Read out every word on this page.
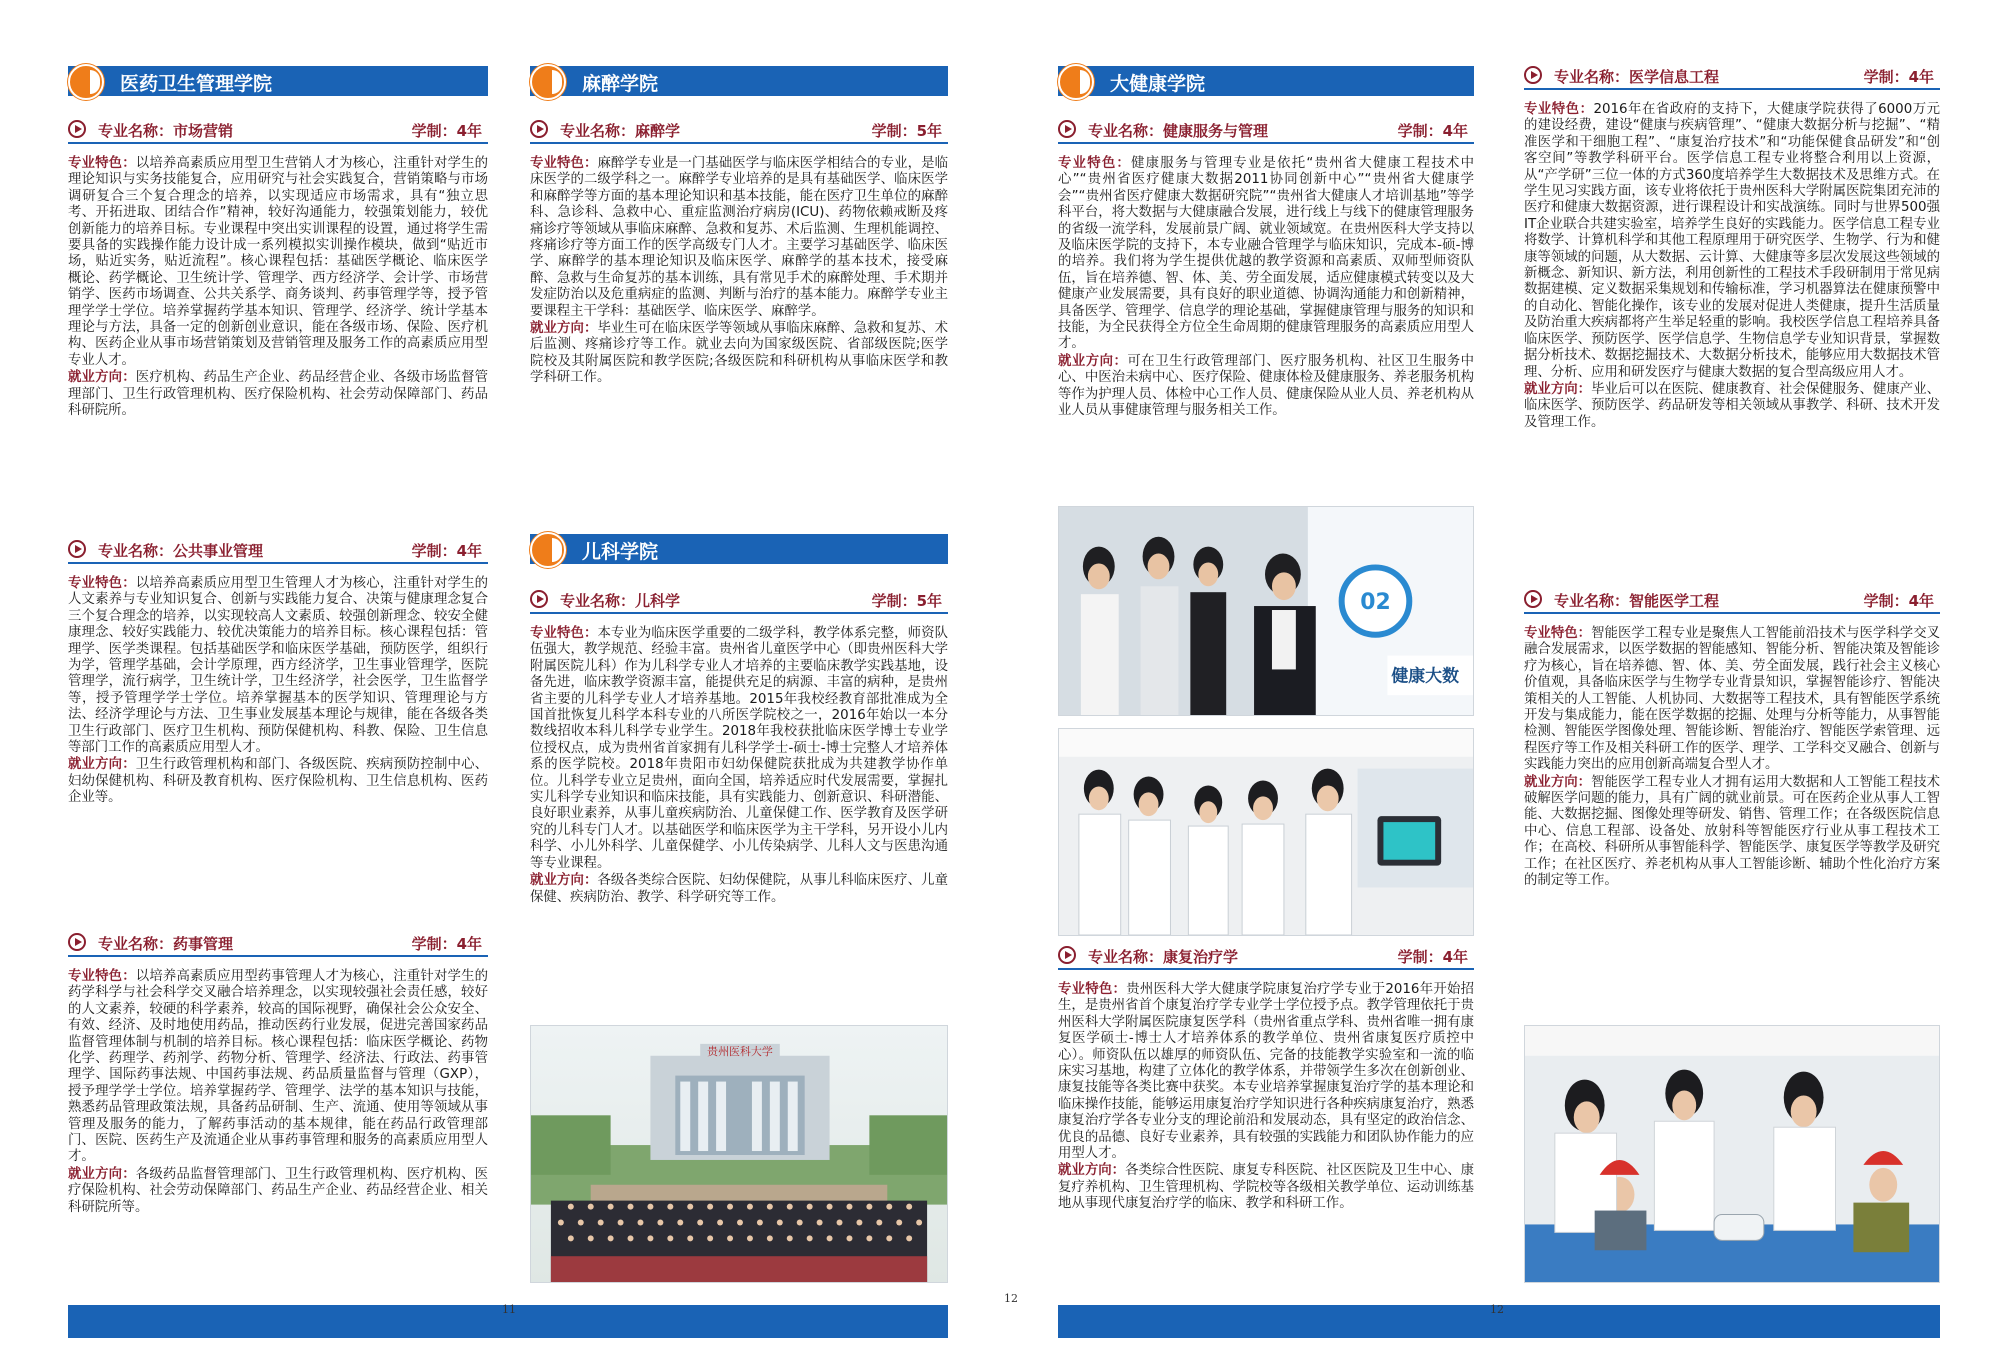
医药卫生管理学院
专业名称：市场营销	学制：4年

专业特色：以培养高素质应用型卫生营销人才为核心，注重针对学生的理论知识与实务技能复合，应用研究与社会实践复合，营销策略与市场调研复合三个复合理念的培养，以实现适应市场需求，具有“独立思考、开拓进取、团结合作”精神，较好沟通能力，较强策划能力，较优创新能力的培养目标。专业课程中突出实训课程的设置，通过将学生需要具备的实践操作能力设计成一系列模拟实训操作模块，做到“贴近市场，贴近实务，贴近流程”。核心课程包括：基础医学概论、临床医学概论、药学概论、卫生统计学、管理学、西方经济学、会计学、市场营销学、医药市场调查、公共关系学、商务谈判、药事管理学等，授予管理学学士学位。培养掌握药学基本知识、管理学、经济学、统计学基本理论与方法，具备一定的创新创业意识，能在各级市场、保险、医疗机构、医药企业从事市场营销策划及营销管理及服务工作的高素质应用型专业人才。

就业方向：医疗机构、药品生产企业、药品经营企业、各级市场监督管理部门、卫生行政管理机构、医疗保险机构、社会劳动保障部门、药品科研院所。

专业名称：公共事业管理	学制：4年

专业特色：以培养高素质应用型卫生管理人才为核心，注重针对学生的人文素养与专业知识复合、创新与实践能力复合、决策与健康理念复合三个复合理念的培养，以实现较高人文素质、较强创新理念、较安全健康理念、较好实践能力、较优决策能力的培养目标。核心课程包括：管理学、医学类课程。包括基础医学和临床医学基础，预防医学，组织行为学，管理学基础，会计学原理，西方经济学，卫生事业管理学，医院管理学，流行病学，卫生统计学，卫生经济学，社会医学，卫生监督学等，授予管理学学士学位。培养掌握基本的医学知识、管理理论与方法、经济学理论与方法、卫生事业发展基本理论与规律，能在各级各类卫生行政部门、医疗卫生机构、预防保健机构、科教、保险、卫生信息等部门工作的高素质应用型人才。

就业方向：卫生行政管理机构和部门、各级医院、疾病预防控制中心、妇幼保健机构、科研及教育机构、医疗保险机构、卫生信息机构、医药企业等。

专业名称：药事管理	学制：4年

专业特色：以培养高素质应用型药事管理人才为核心，注重针对学生的药学科学与社会科学交叉融合培养理念，以实现较强社会责任感，较好的人文素养，较硬的科学素养，较高的国际视野，确保社会公众安全、有效、经济、及时地使用药品，推动医药行业发展，促进完善国家药品监督管理体制与机制的培养目标。核心课程包括：临床医学概论、药物化学、药理学、药剂学、药物分析、管理学、经济法、行政法、药事管理学、国际药事法规、中国药事法规、药品质量监督与管理（GXP），授予理学学士学位。培养掌握药学、管理学、法学的基本知识与技能，熟悉药品管理政策法规，具备药品研制、生产、流通、使用等领域从事管理及服务的能力，了解药事活动的基本规律，能在药品行政管理部门、医院、医药生产及流通企业从事药事管理和服务的高素质应用型人才。

就业方向：各级药品监督管理部门、卫生行政管理机构、医疗机构、医疗保险机构、社会劳动保障部门、药品生产企业、药品经营企业、相关科研院所等。

麻醉学院
专业名称：麻醉学	学制：5年

专业特色：麻醉学专业是一门基础医学与临床医学相结合的专业，是临床医学的二级学科之一。麻醉学专业培养的是具有基础医学、临床医学和麻醉学等方面的基本理论知识和基本技能，能在医疗卫生单位的麻醉科、急诊科、急救中心、重症监测治疗病房(ICU)、药物依赖戒断及疼痛诊疗等领域从事临床麻醉、急救和复苏、术后监测、生理机能调控、疼痛诊疗等方面工作的医学高级专门人才。主要学习基础医学、临床医学、麻醉学的基本理论知识及临床医学、麻醉学的基本技术，接受麻醉、急救与生命复苏的基本训练，具有常见手术的麻醉处理、手术期并发症防治以及危重病症的监测、判断与治疗的基本能力。麻醉学专业主要课程主干学科：基础医学、临床医学、麻醉学。

就业方向：毕业生可在临床医学等领域从事临床麻醉、急救和复苏、术后监测、疼痛诊疗等工作。就业去向为国家级医院、省部级医院;医学院校及其附属医院和教学医院;各级医院和科研机构从事临床医学和教学科研工作。

儿科学院
专业名称：儿科学	学制：5年

专业特色：本专业为临床医学重要的二级学科，教学体系完整，师资队伍强大，教学规范、经验丰富。贵州省儿童医学中心（即贵州医科大学附属医院儿科）作为儿科学专业人才培养的主要临床教学实践基地，设备先进，临床教学资源丰富，能提供充足的病源、丰富的病种，是贵州省主要的儿科学专业人才培养基地。2015年我校经教育部批准成为全国首批恢复儿科学本科专业的八所医学院校之一，2016年始以一本分数线招收本科儿科学专业学生。2018年我校获批临床医学博士专业学位授权点，成为贵州省首家拥有儿科学学士-硕士-博士完整人才培养体系的医学院校。2018年贵阳市妇幼保健院获批成为共建教学协作单位。儿科学专业立足贵州，面向全国，培养适应时代发展需要，掌握扎实儿科学专业知识和临床技能，具有实践能力、创新意识、科研潜能、良好职业素养，从事儿童疾病防治、儿童保健工作、医学教育及医学研究的儿科专门人才。以基础医学和临床医学为主干学科，另开设小儿内科学、小儿外科学、儿童保健学、小儿传染病学、儿科人文与医患沟通等专业课程。

就业方向：各级各类综合医院、妇幼保健院，从事儿科临床医疗、儿童保健、疾病防治、教学、科学研究等工作。

贵州医科大学
大健康学院
专业名称：健康服务与管理	学制：4年

专业特色：健康服务与管理专业是依托“贵州省大健康工程技术中心”“贵州省医疗健康大数据2011协同创新中心”“贵州省大健康学会”“贵州省医疗健康大数据研究院”“贵州省大健康人才培训基地”等学科平台，将大数据与大健康融合发展，进行线上与线下的健康管理服务的省级一流学科，发展前景广阔、就业领域宽。在贵州医科大学支持以及临床医学院的支持下，本专业融合管理学与临床知识，完成本-硕-博的培养。我们将为学生提供优越的教学资源和高素质、双师型师资队伍，旨在培养德、智、体、美、劳全面发展，适应健康模式转变以及大健康产业发展需要，具有良好的职业道德、协调沟通能力和创新精神，具备医学、管理学、信息学的理论基础，掌握健康管理与服务的知识和技能，为全民获得全方位全生命周期的健康管理服务的高素质应用型人才。

就业方向：可在卫生行政管理部门、医疗服务机构、社区卫生服务中心、中医治未病中心、医疗保险、健康体检及健康服务、养老服务机构等作为护理人员、体检中心工作人员、健康保险从业人员、养老机构从业人员从事健康管理与服务相关工作。

专业名称：康复治疗学	学制：4年

专业特色：贵州医科大学大健康学院康复治疗学专业于2016年开始招生，是贵州省首个康复治疗学专业学士学位授予点。教学管理依托于贵州医科大学附属医院康复医学科（贵州省重点学科、贵州省唯一拥有康复医学硕士-博士人才培养体系的教学单位、贵州省康复医疗质控中心）。师资队伍以雄厚的师资队伍、完备的技能教学实验室和一流的临床实习基地，构建了立体化的教学体系，并带领学生多次在创新创业、康复技能等各类比赛中获奖。本专业培养掌握康复治疗学的基本理论和临床操作技能，能够运用康复治疗学知识进行各种疾病康复治疗，熟悉康复治疗学各专业分支的理论前沿和发展动态，具有坚定的政治信念、优良的品德、良好专业素养，具有较强的实践能力和团队协作能力的应用型人才。

就业方向：各类综合性医院、康复专科医院、社区医院及卫生中心、康复疗养机构、卫生管理机构、学院校等各级相关教学单位、运动训练基地从事现代康复治疗学的临床、教学和科研工作。

02
健康大数
专业名称：医学信息工程	学制：4年

专业特色：2016年在省政府的支持下，大健康学院获得了6000万元的建设经费，建设“健康与疾病管理”、“健康大数据分析与挖掘”、“精准医学和干细胞工程”、“康复治疗技术”和“功能保健食品研发”和“创客空间”等教学科研平台。医学信息工程专业将整合利用以上资源，从“产学研”三位一体的方式360度培养学生大数据技术及思维方式。在学生见习实践方面，该专业将依托于贵州医科大学附属医院集团充沛的医疗和健康大数据资源，进行课程设计和实战演练。同时与世界500强IT企业联合共建实验室，培养学生良好的实践能力。医学信息工程专业将数学、计算机科学和其他工程原理用于研究医学、生物学、行为和健康等领域的问题，从大数据、云计算、大健康等多层次发展这些领域的新概念、新知识、新方法，利用创新性的工程技术手段研制用于常见病数据建模、定义数据采集规划和传输标准，学习机器算法在健康预警中的自动化、智能化操作，该专业的发展对促进人类健康，提升生活质量及防治重大疾病都将产生举足轻重的影响。我校医学信息工程培养具备临床医学、预防医学、医学信息学、生物信息学专业知识背景，掌握数据分析技术、数据挖掘技术、大数据分析技术，能够应用大数据技术管理、分析、应用和研发医疗与健康大数据的复合型高级应用人才。

就业方向：毕业后可以在医院、健康教育、社会保健服务、健康产业、临床医学、预防医学、药品研发等相关领域从事教学、科研、技术开发及管理工作。

专业名称：智能医学工程	学制：4年

专业特色：智能医学工程专业是聚焦人工智能前沿技术与医学科学交叉融合发展需求，以医学数据的智能感知、智能分析、智能决策及智能诊疗为核心，旨在培养德、智、体、美、劳全面发展，践行社会主义核心价值观，具备临床医学与生物学专业背景知识，掌握智能诊疗、智能决策相关的人工智能、人机协同、大数据等工程技术，具有智能医学系统开发与集成能力，能在医学数据的挖掘、处理与分析等能力，从事智能检测、智能医学图像处理、智能诊断、智能治疗、智能医学索管理、远程医疗等工作及相关科研工作的医学、理学、工学科交叉融合、创新与实践能力突出的应用创新高端复合型人才。

就业方向：智能医学工程专业人才拥有运用大数据和人工智能工程技术破解医学问题的能力，具有广阔的就业前景。可在医药企业从事人工智能、大数据挖掘、图像处理等研发、销售、管理工作；在各级医院信息中心、信息工程部、设备处、放射科等智能医疗行业从事工程技术工作；在高校、科研所从事智能科学、智能医学、康复医学等教学及研究工作；在社区医疗、养老机构从事人工智能诊断、辅助个性化治疗方案的制定等工作。

11
12
12
